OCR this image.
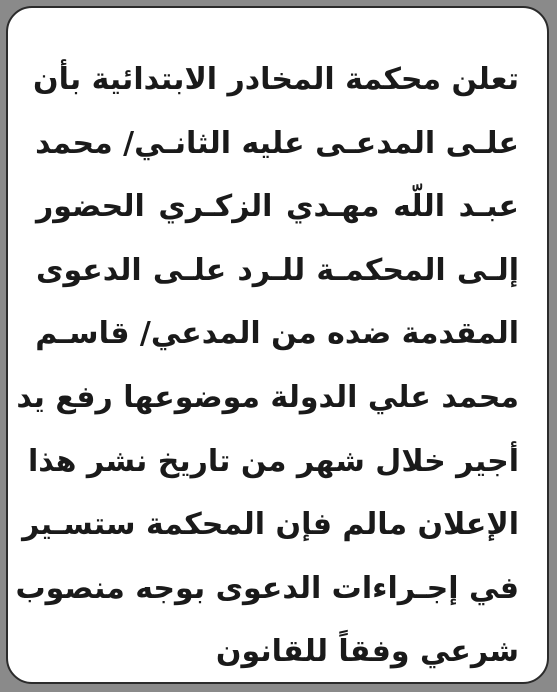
تعلن محكمة المخادر الابتدائية بأن
علـى المدعـى عليه الثانـي/ محمد
عبـد اللّه مهـدي الزكـري الحضور
إلـى المحكمـة للـرد علـى الدعوى
المقدمة ضده من المدعي/ قاسـم
محمد علي الدولة موضوعها رفع يد
أجير خلال شهر من تاريخ نشر هذا
الإعلان مالم فإن المحكمة ستسـير
في إجـراءات الدعوى بوجه منصوب
شرعي وفقاً للقانون
